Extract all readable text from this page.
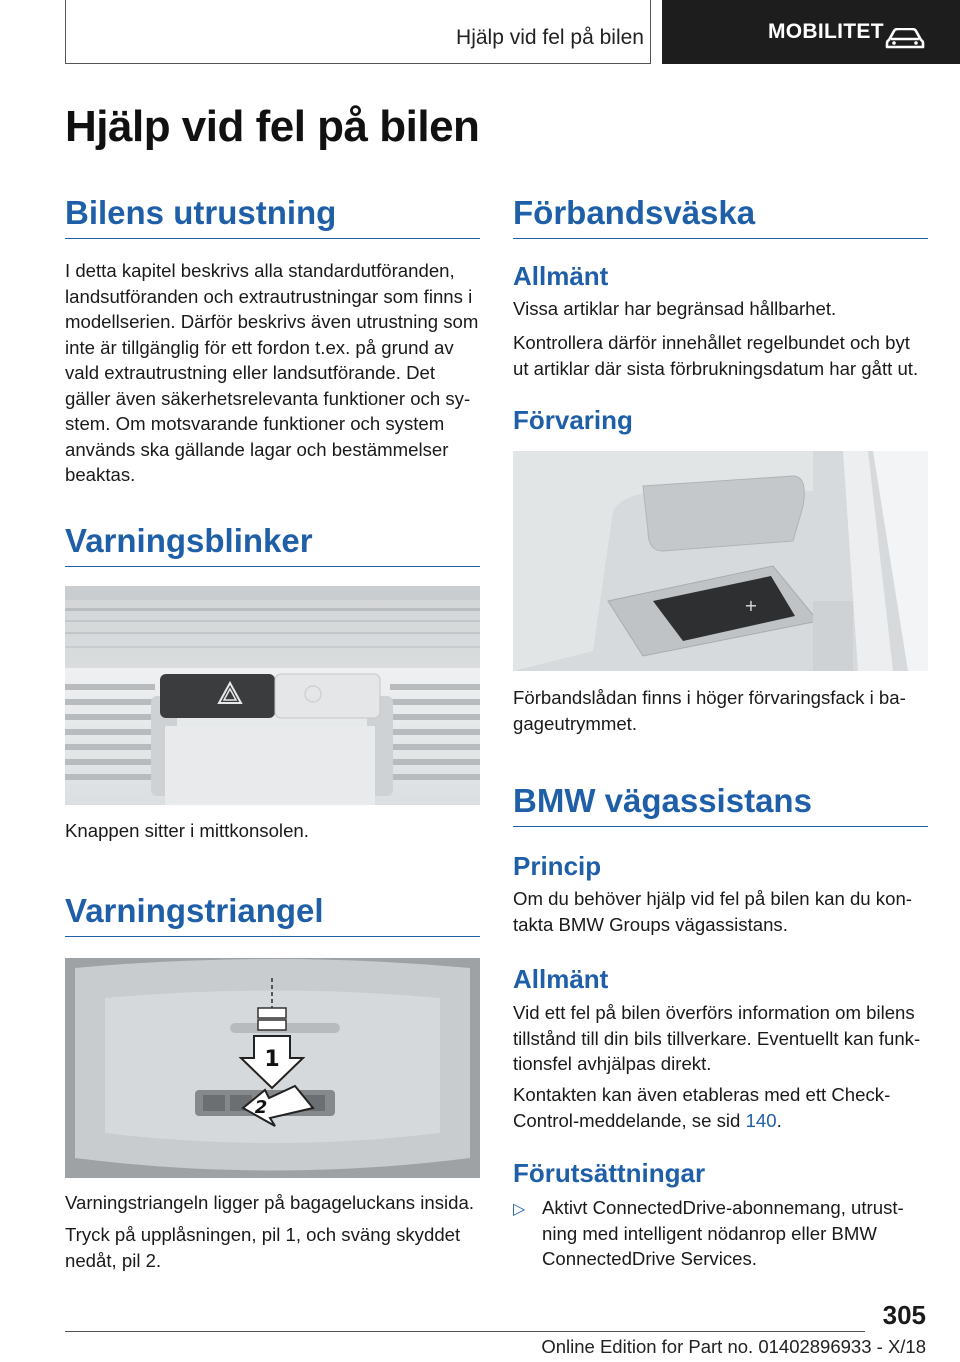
Hjälp vid fel på bilen	MOBILITET
Hjälp vid fel på bilen
Bilens utrustning

I detta kapitel beskrivs alla standardutföranden, landsutföranden och extrautrustningar som finns i modellserien. Därför beskrivs även utrustning som inte är tillgänglig för ett fordon t.ex. på grund av vald extrautrustning eller landsutförande. Det gäller även säkerhetsrelevanta funktioner och system. Om motsvarande funktioner och system används ska gällande lagar och bestämmelser beaktas.

Varningsblinker

Knappen sitter i mittkonsolen.

Varningstriangel
1
2

Varningstriangeln ligger på bagageluckans insida.

Tryck på upplåsningen, pil 1, och sväng skyddet nedåt, pil 2.

Förbandsväska
Allmänt

Vissa artiklar har begränsad hållbarhet.

Kontrollera därför innehållet regelbundet och byt ut artiklar där sista förbrukningsdatum har gått ut.

Förvaring
+

Förbandslådan finns i höger förvaringsfack i bagageutrymmet.

BMW vägassistans
Princip

Om du behöver hjälp vid fel på bilen kan du kontakta BMW Groups vägassistans.

Allmänt

Vid ett fel på bilen överförs information om bilens tillstånd till din bils tillverkare. Eventuellt kan funktionsfel avhjälpas direkt.

Kontakten kan även etableras med ett Check-Control-meddelande, se sid 140.

Förutsättningar
▷ Aktivt ConnectedDrive-abonnemang, utrustning med intelligent nödanrop eller BMW ConnectedDrive Services.

305
Online Edition for Part no. 01402896933 - X/18
